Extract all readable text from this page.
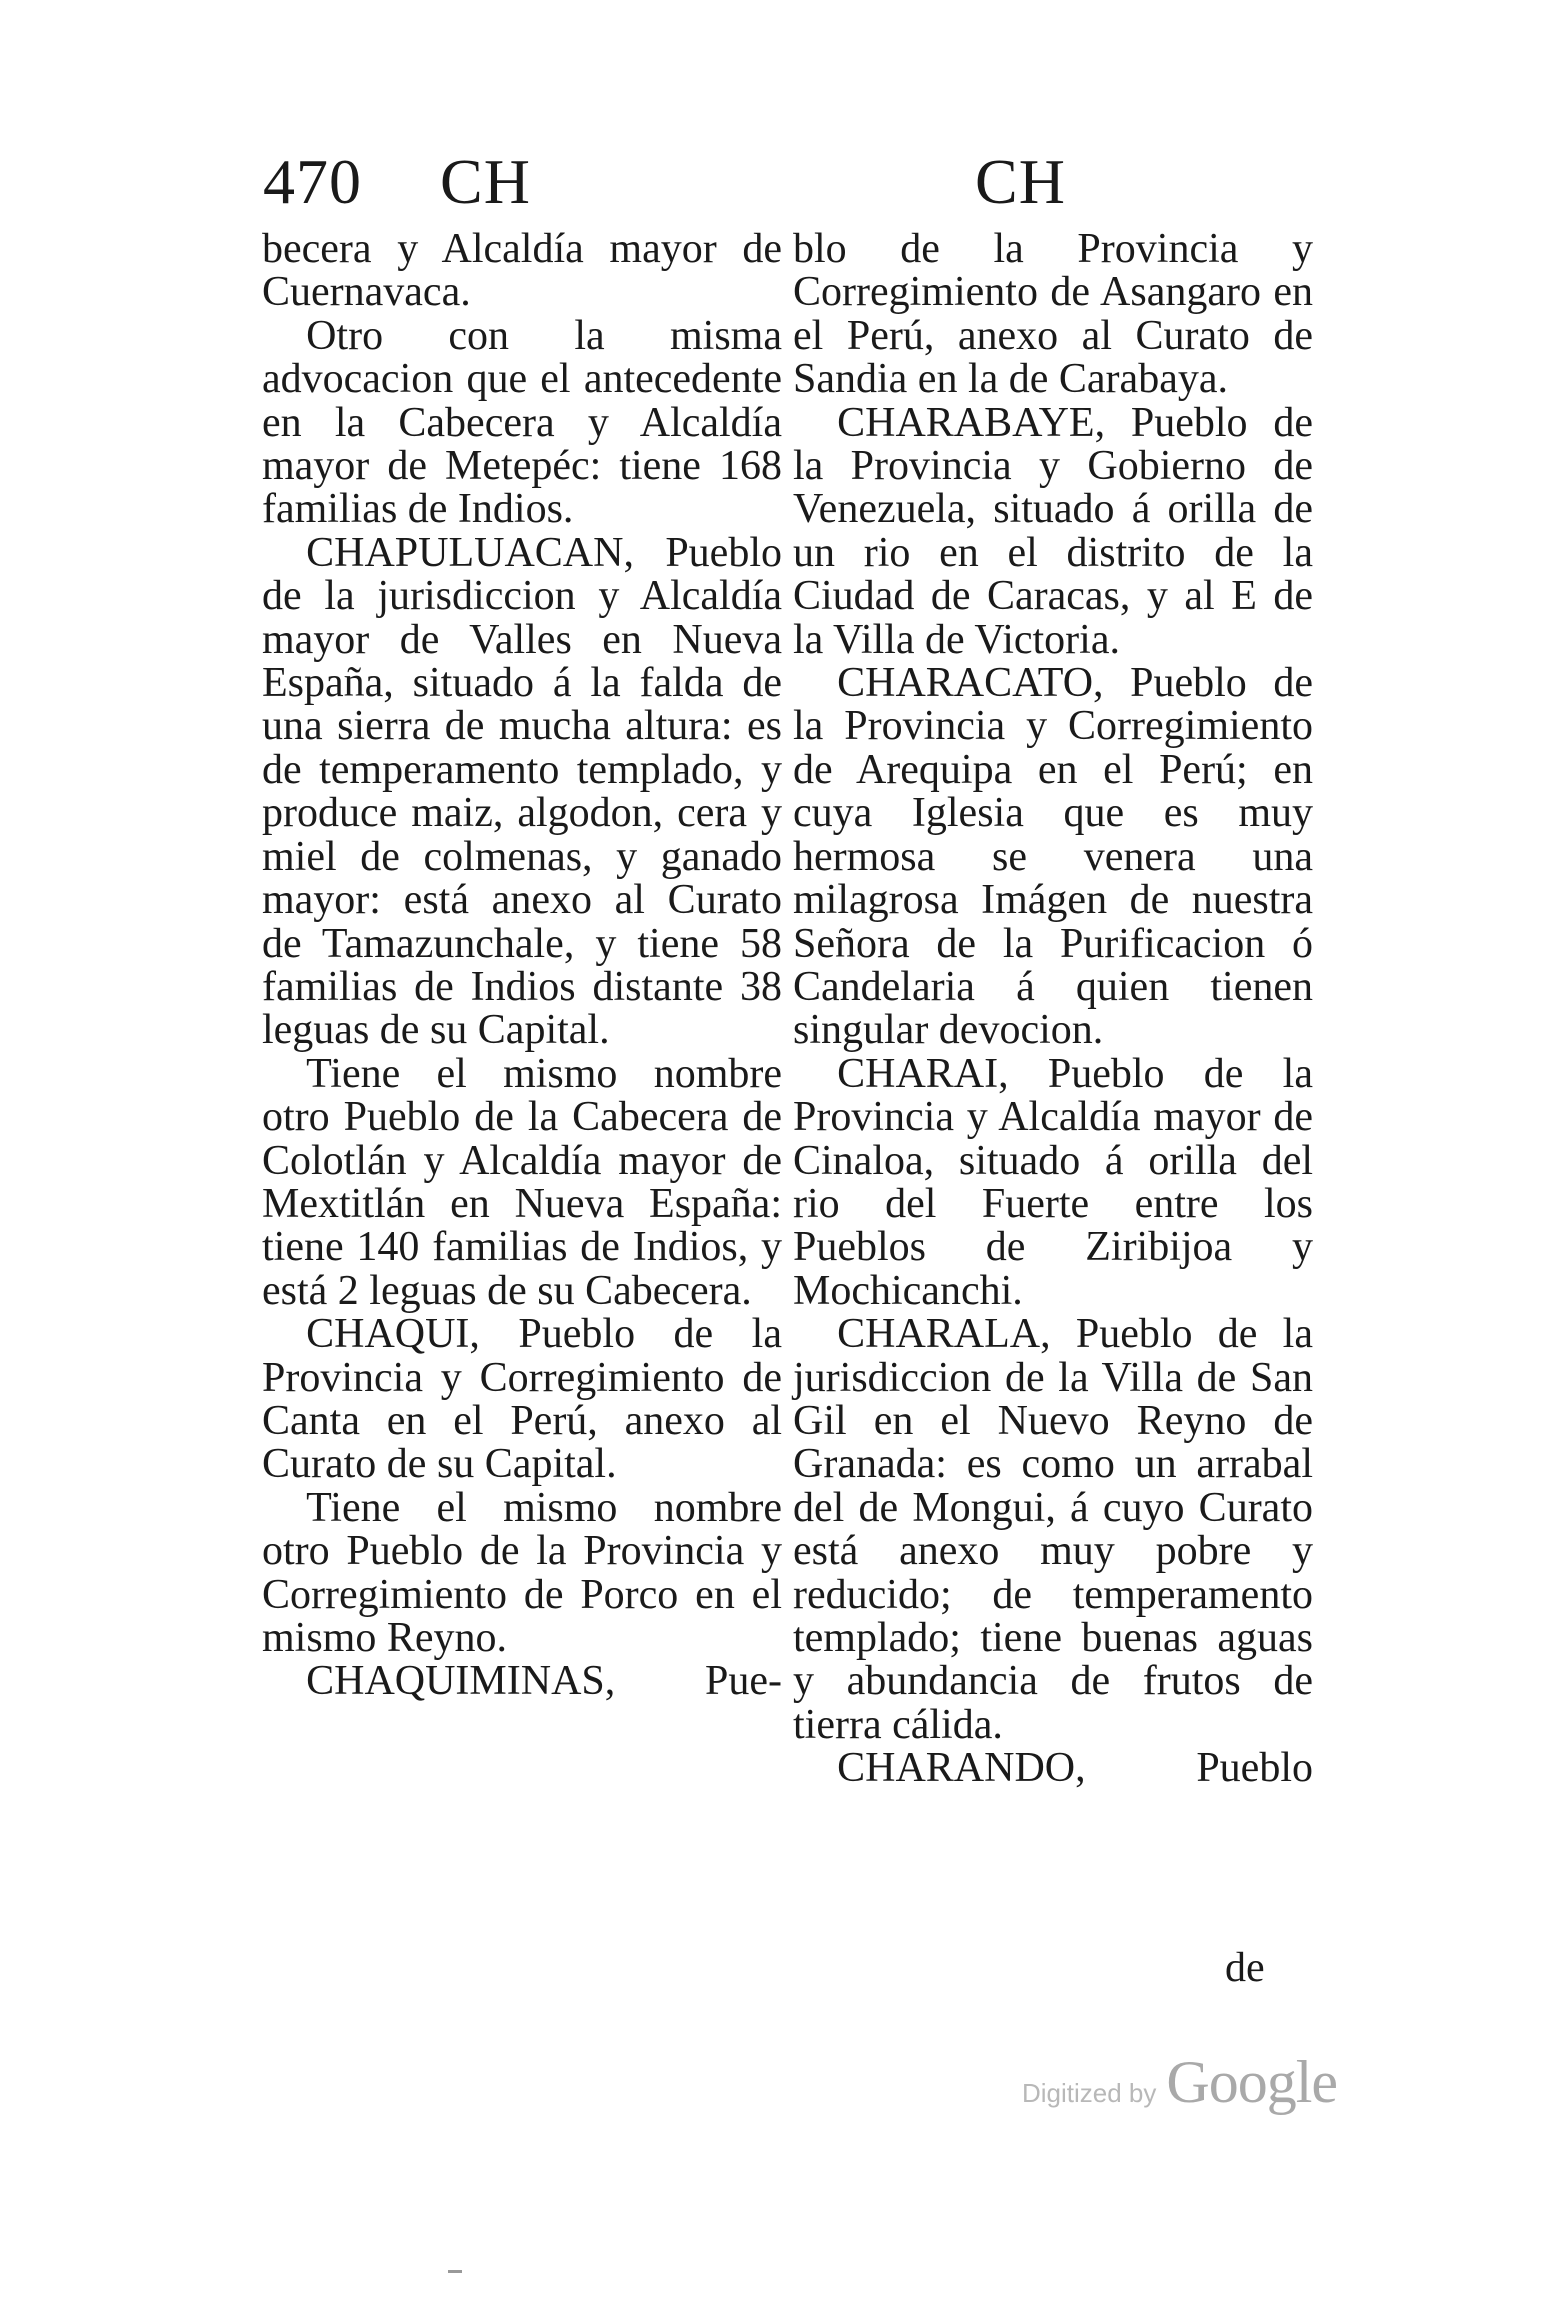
470 CH	CH

becera y Alcaldía mayor de Cuernavaca.

Otro con la misma advocacion que el antecedente en la Cabecera y Alcaldía mayor de Metepéc: tiene 168 familias de Indios.

CHAPULUACAN, Pueblo de la jurisdiccion y Alcaldía mayor de Valles en Nueva España, situado á la falda de una sierra de mucha altura: es de temperamento templado, y produce maiz, algodon, cera y miel de colmenas, y ganado mayor: está anexo al Curato de Tamazunchale, y tiene 58 familias de Indios distante 38 leguas de su Capital.

Tiene el mismo nombre otro Pueblo de la Cabecera de Colotlán y Alcaldía mayor de Mextitlán en Nueva España: tiene 140 familias de Indios, y está 2 leguas de su Cabecera.

CHAQUI, Pueblo de la Provincia y Corregimiento de Canta en el Perú, anexo al Curato de su Capital.

Tiene el mismo nombre otro Pueblo de la Provincia y Corregimiento de Porco en el mismo Reyno.

CHAQUIMINAS, Pue-

blo de la Provincia y Corregimiento de Asangaro en el Perú, anexo al Curato de Sandia en la de Carabaya.

CHARABAYE, Pueblo de la Provincia y Gobierno de Venezuela, situado á orilla de un rio en el distrito de la Ciudad de Caracas, y al E de la Villa de Victoria.

CHARACATO, Pueblo de la Provincia y Corregimiento de Arequipa en el Perú; en cuya Iglesia que es muy hermosa se venera una milagrosa Imágen de nuestra Señora de la Purificacion ó Candelaria á quien tienen singular devocion.

CHARAI, Pueblo de la Provincia y Alcaldía mayor de Cinaloa, situado á orilla del rio del Fuerte entre los Pueblos de Ziribijoa y Mochicanchi.

CHARALA, Pueblo de la jurisdiccion de la Villa de San Gil en el Nuevo Reyno de Granada: es como un arrabal del de Mongui, á cuyo Curato está anexo muy pobre y reducido; de temperamento templado; tiene buenas aguas y abundancia de frutos de tierra cálida.

CHARANDO, Pueblo

de
Digitized by Google
